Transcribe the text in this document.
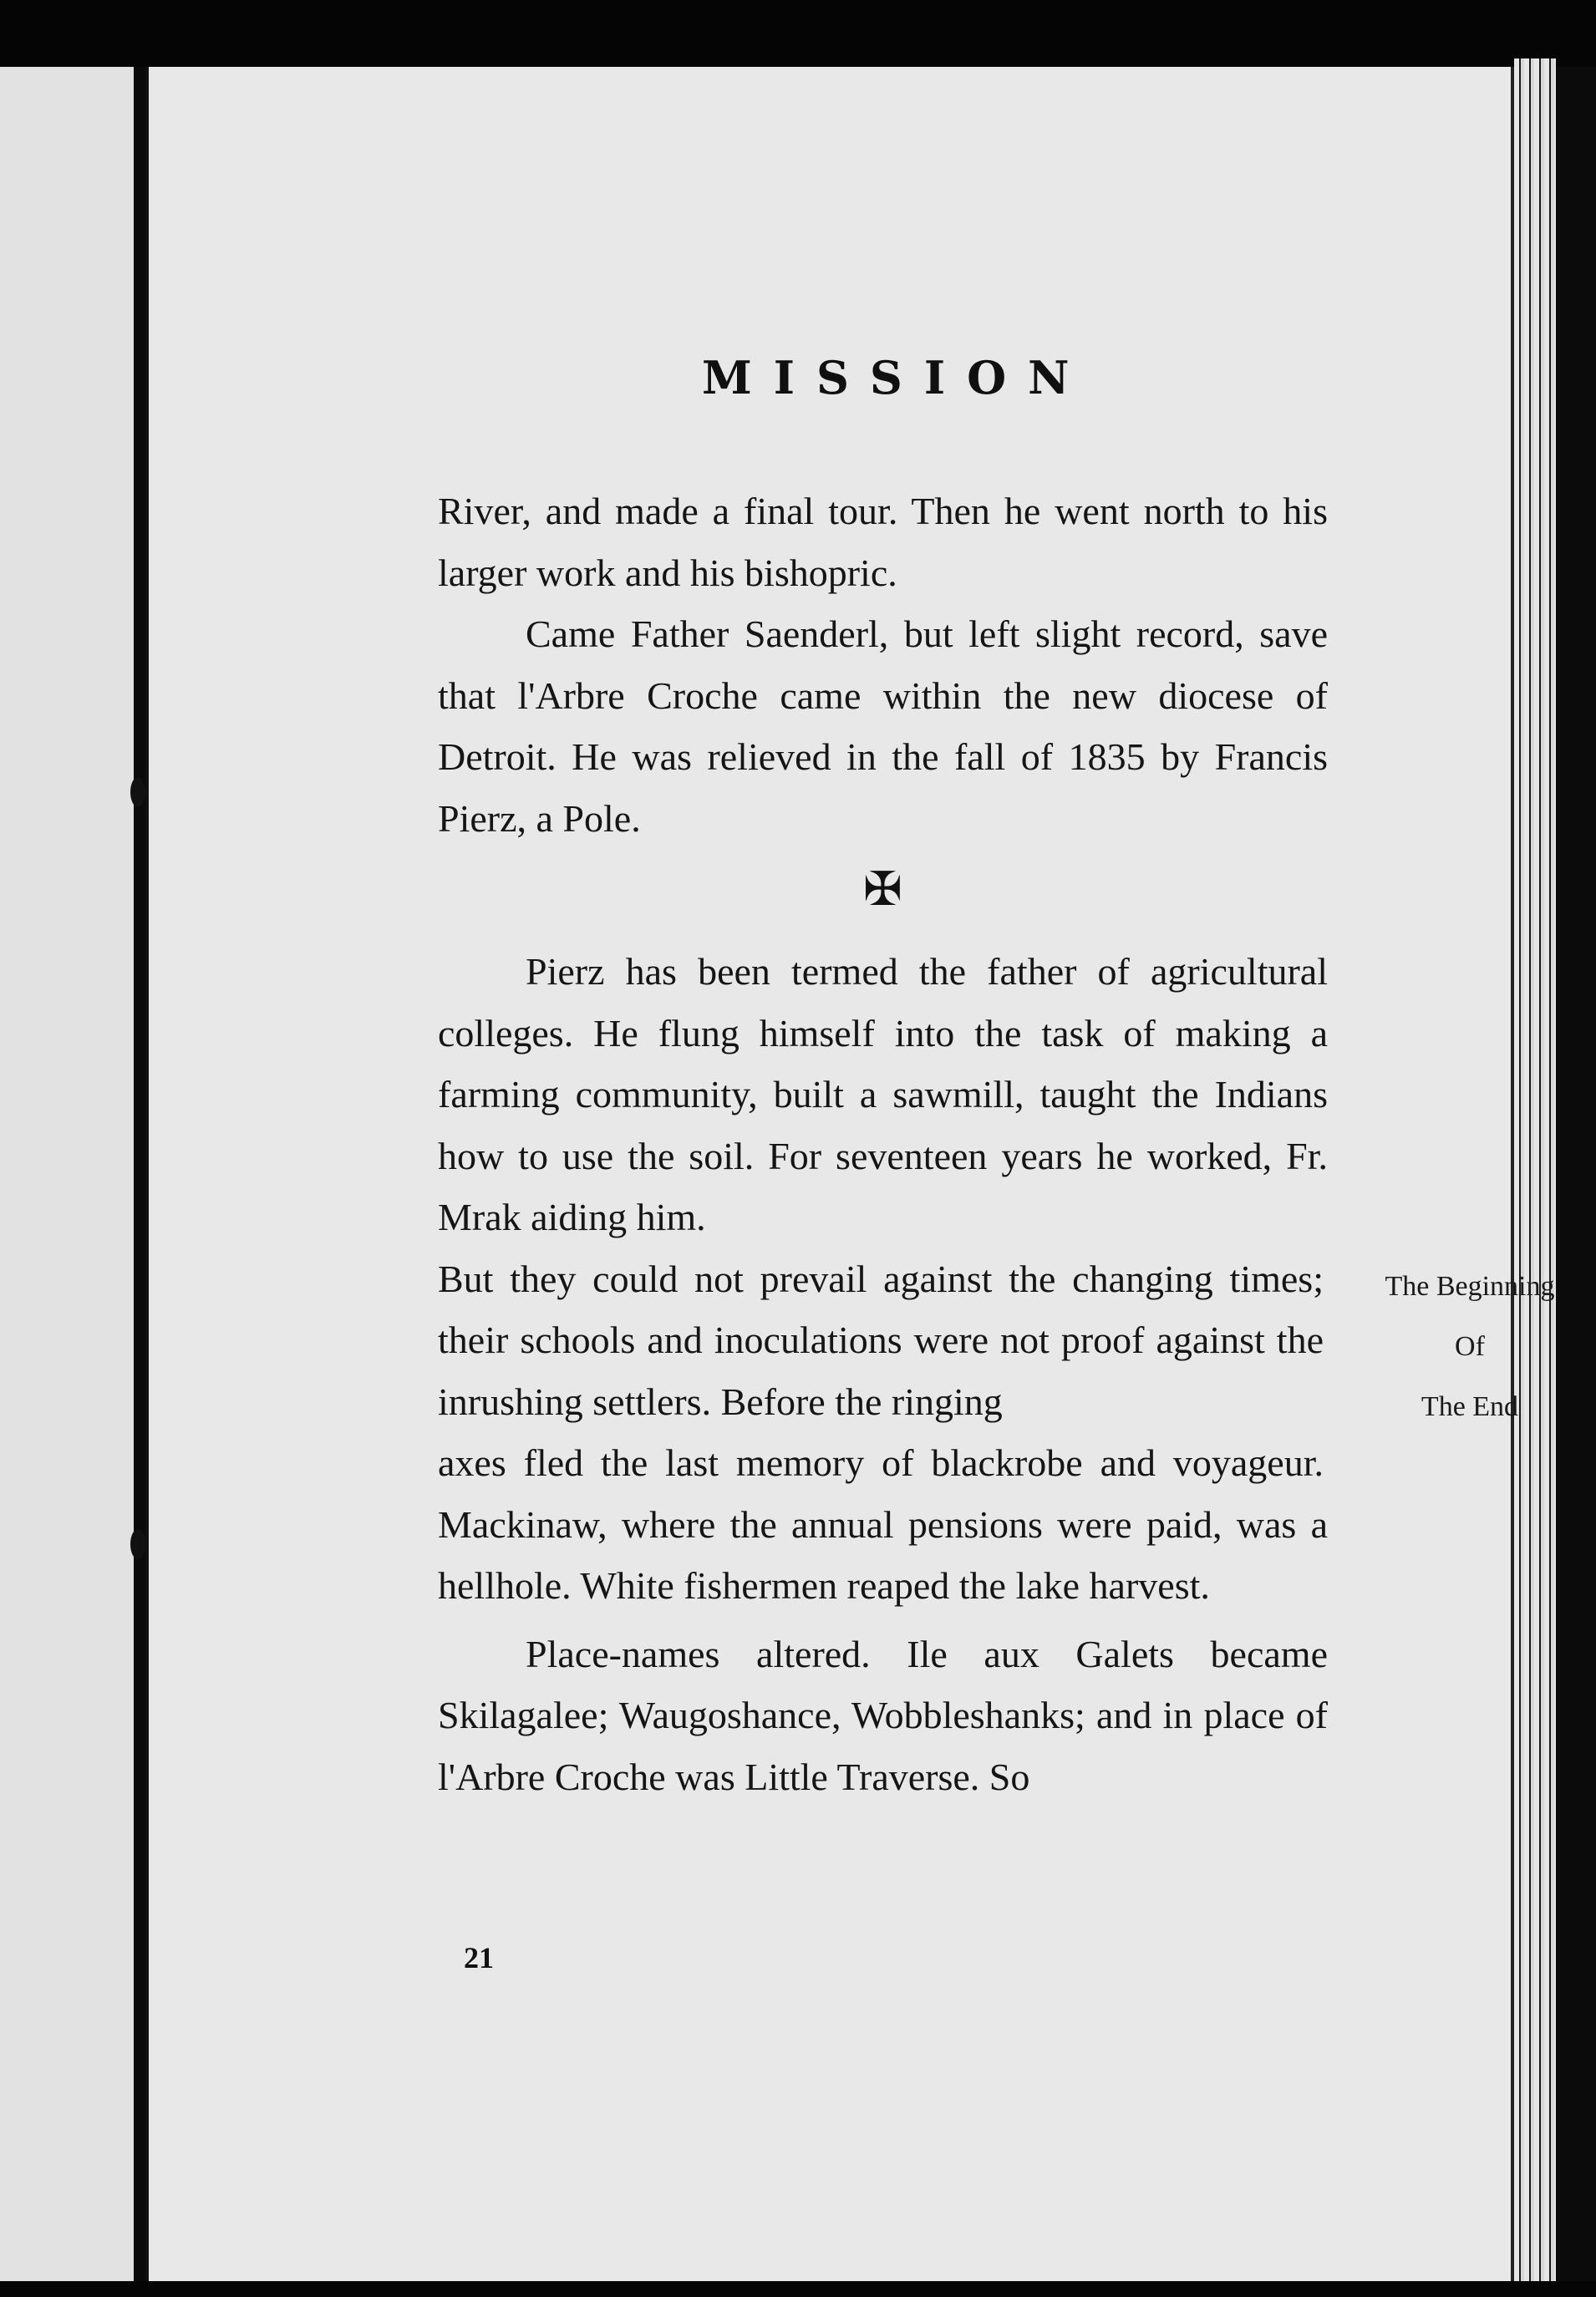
MISSION

River, and made a final tour. Then he went north to his larger work and his bishopric.

Came Father Saenderl, but left slight record, save that l'Arbre Croche came within the new diocese of Detroit. He was relieved in the fall of 1835 by Francis Pierz, a Pole.

✠

Pierz has been termed the father of agricultural colleges. He flung himself into the task of making a farming community, built a sawmill, taught the Indians how to use the soil. For seventeen years he worked, Fr. Mrak aiding him.

The Beginning
Of
The End

But they could not prevail against the changing times; their schools and inoculations were not proof against the inrushing settlers. Before the ringing

axes fled the last memory of blackrobe and voyageur. Mackinaw, where the annual pensions were paid, was a hellhole. White fishermen reaped the lake harvest.

Place-names altered. Ile aux Galets became Skilagalee; Waugoshance, Wobbleshanks; and in place of l'Arbre Croche was Little Traverse. So

21
